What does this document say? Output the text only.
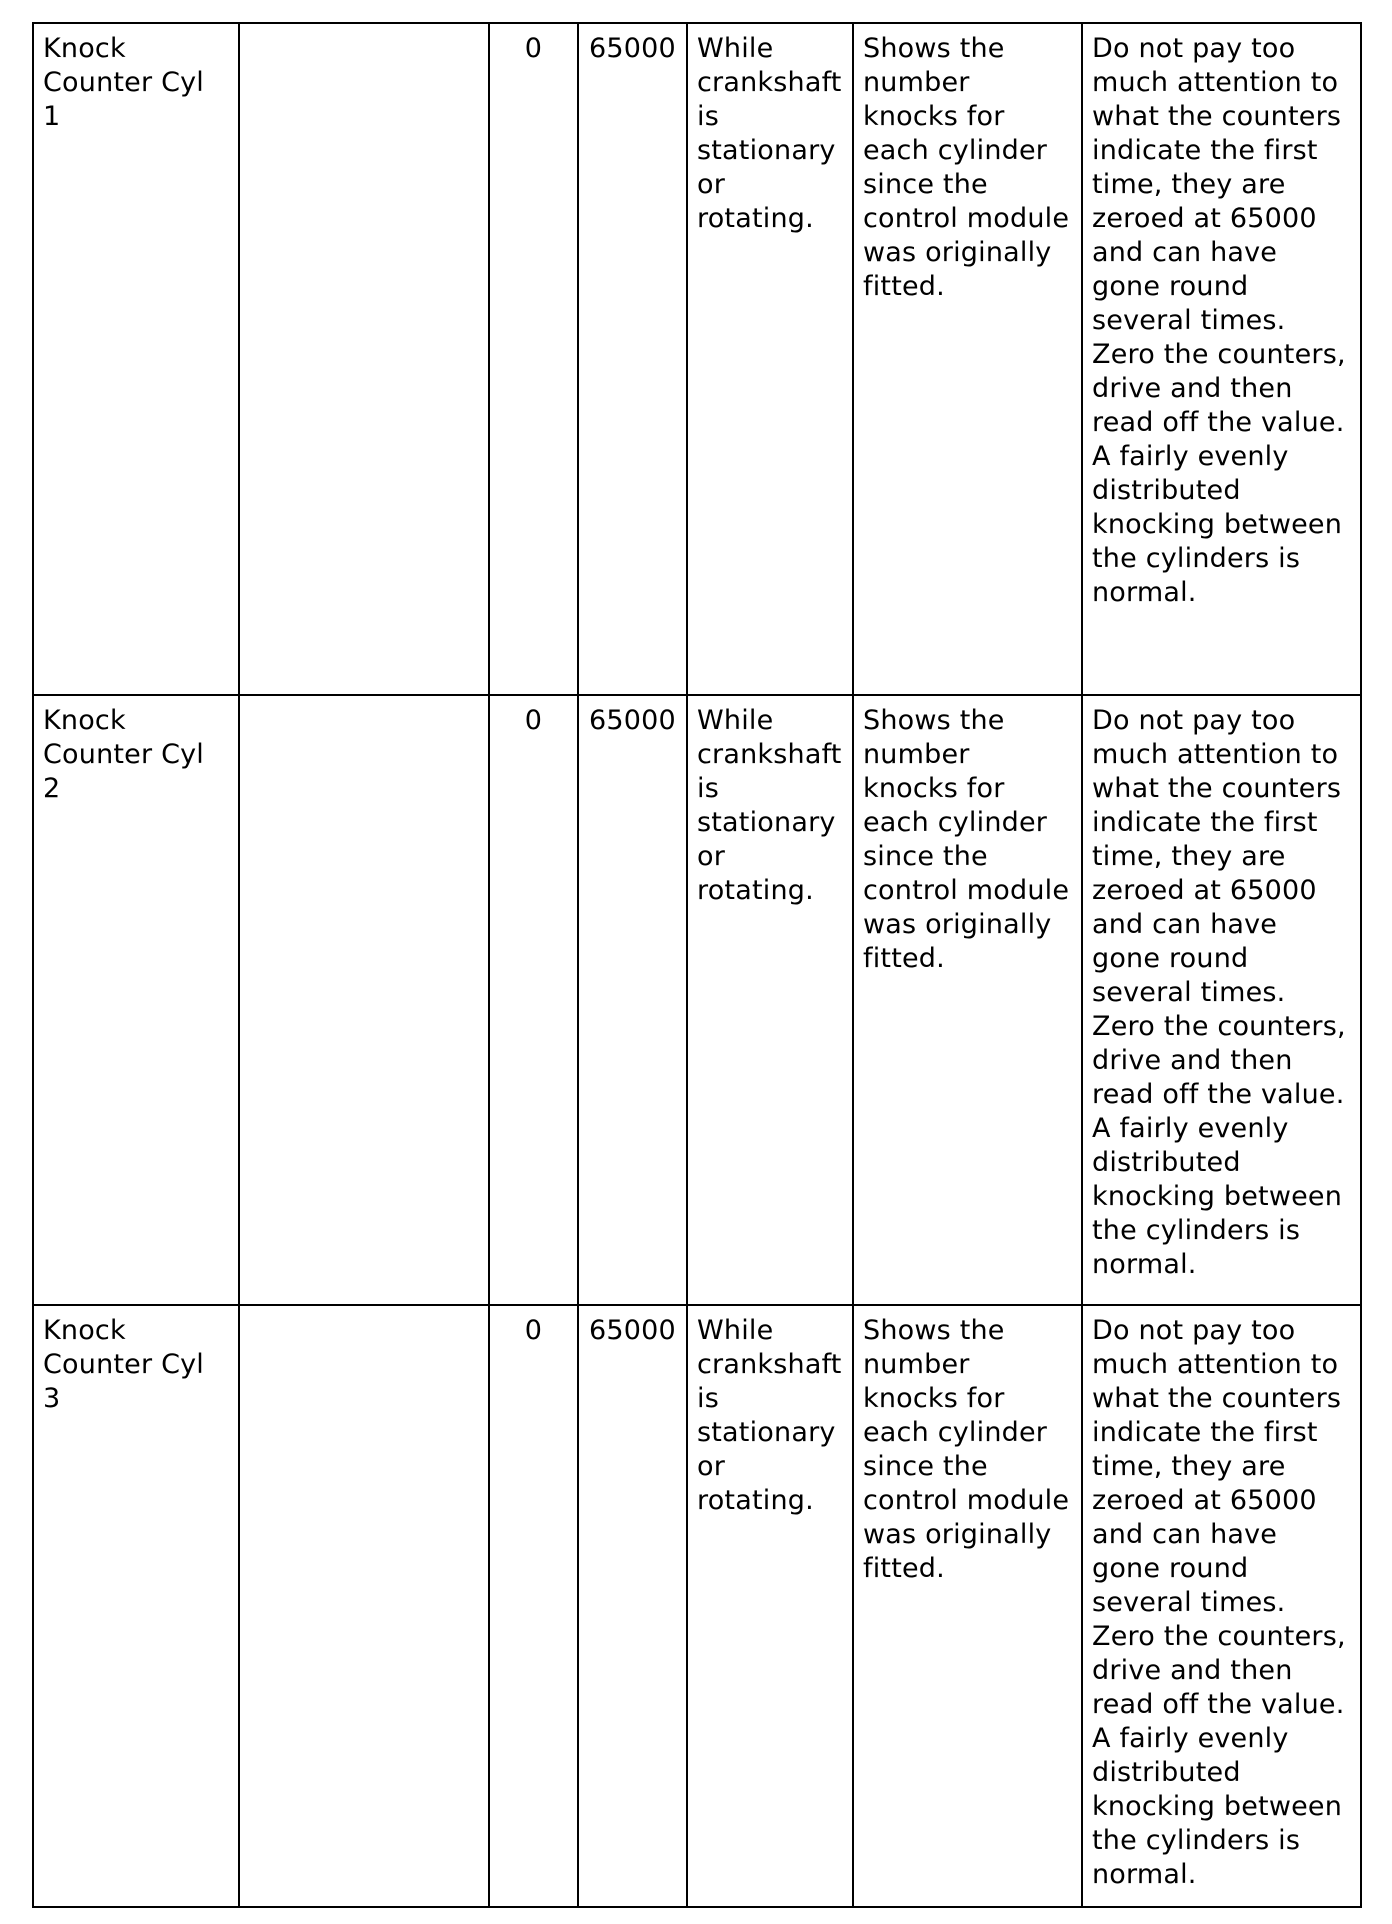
Knock Counter Cyl 1		0	65000	While crankshaft is stationary or rotating.	Shows the number knocks for each cylinder since the control module was originally fitted.	Do not pay too much attention to what the counters indicate the first time, they are zeroed at 65000 and can have gone round several times. Zero the counters, drive and then read off the value. A fairly evenly distributed knocking between the cylinders is normal.
Knock Counter Cyl 2		0	65000	While crankshaft is stationary or rotating.	Shows the number knocks for each cylinder since the control module was originally fitted.	Do not pay too much attention to what the counters indicate the first time, they are zeroed at 65000 and can have gone round several times. Zero the counters, drive and then read off the value. A fairly evenly distributed knocking between the cylinders is normal.
Knock Counter Cyl 3		0	65000	While crankshaft is stationary or rotating.	Shows the number knocks for each cylinder since the control module was originally fitted.	Do not pay too much attention to what the counters indicate the first time, they are zeroed at 65000 and can have gone round several times. Zero the counters, drive and then read off the value. A fairly evenly distributed knocking between the cylinders is normal.
